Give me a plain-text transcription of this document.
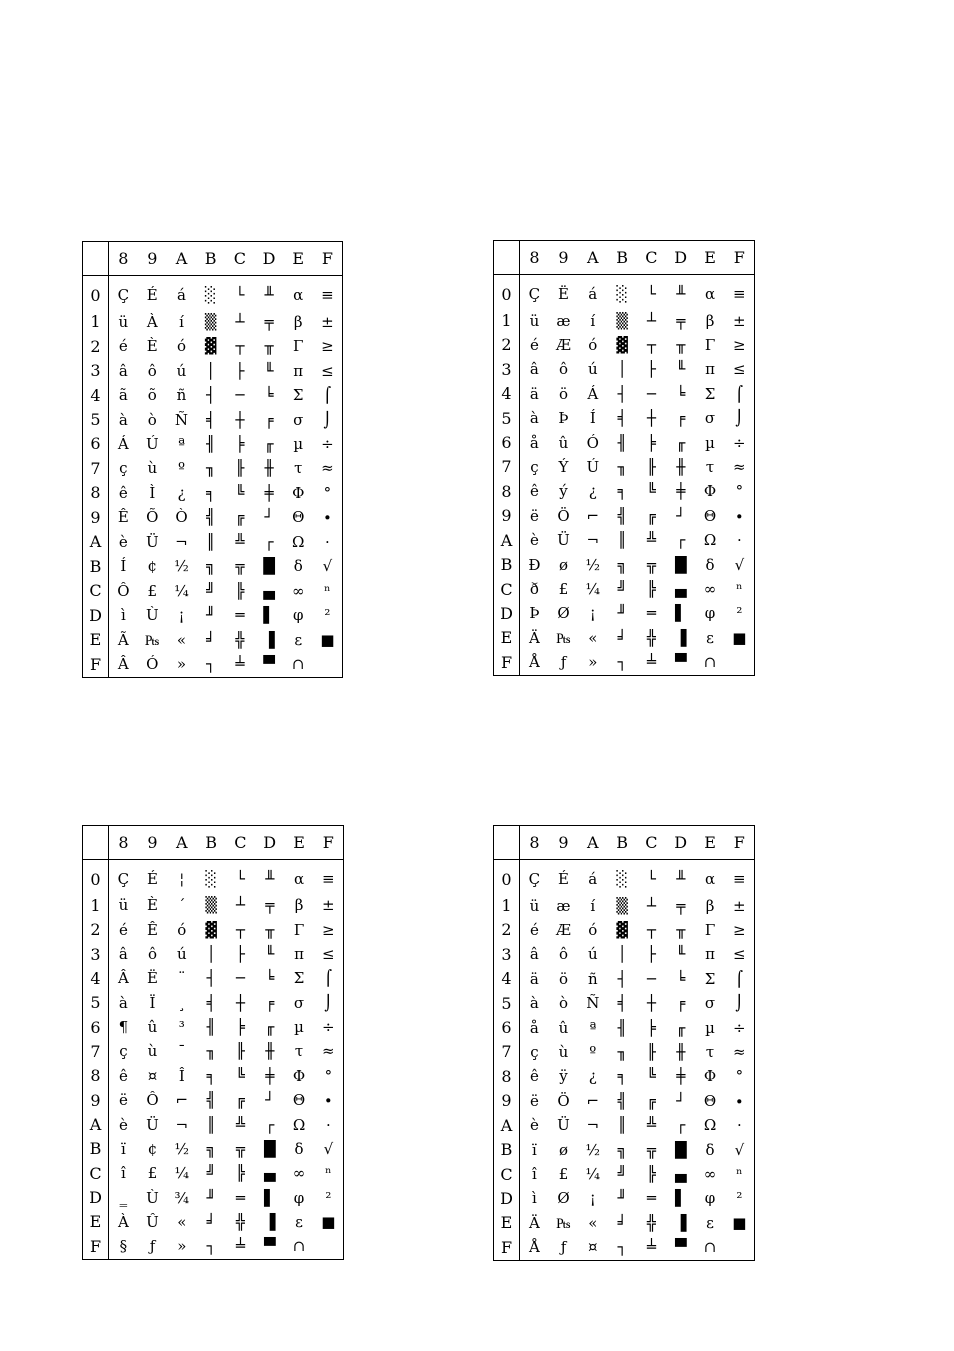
	8	9	A	B	C	D	E	F
0	Ç	É	á	░	└	╨	α	≡
1	ü	À	í	▒	┴	╤	β	±
2	é	È	ó	▓	┬	╥	Γ	≥
3	â	ô	ú	│	├	╙	π	≤
4	ã	õ	ñ	┤	─	╘	Σ	⌠
5	à	ò	Ñ	╡	┼	╒	σ	⌡
6	Á	Ú	ª	╢	╞	╓	µ	÷
7	ç	ù	º	╖	╟	╫	τ	≈
8	ê	Ì	¿	╕	╚	╪	Φ	°
9	Ê	Õ	Ò	╣	╔	┘	Θ	∙
A	è	Ü	¬	║	╩	┌	Ω	·
B	Í	¢	½	╗	╦	█	δ	√
C	Ô	£	¼	╝	╠	▄	∞	ⁿ
D	ì	Ù	¡	╜	═	▌	φ	²
E	Ã	₧	«	╛	╬	▐	ε	■
F	Â	Ó	»	┐	╧	▀	∩	
	8	9	A	B	C	D	E	F
0	Ç	Ë	á	░	└	╨	α	≡
1	ü	æ	í	▒	┴	╤	β	±
2	é	Æ	ó	▓	┬	╥	Γ	≥
3	â	ô	ú	│	├	╙	π	≤
4	ä	ö	Á	┤	─	╘	Σ	⌠
5	à	Þ	Í	╡	┼	╒	σ	⌡
6	å	û	Ó	╢	╞	╓	µ	÷
7	ç	Ý	Ú	╖	╟	╫	τ	≈
8	ê	ý	¿	╕	╚	╪	Φ	°
9	ë	Ö	⌐	╣	╔	┘	Θ	∙
A	è	Ü	¬	║	╩	┌	Ω	·
B	Ð	ø	½	╗	╦	█	δ	√
C	ð	£	¼	╝	╠	▄	∞	ⁿ
D	Þ	Ø	¡	╜	═	▌	φ	²
E	Ä	₧	«	╛	╬	▐	ε	■
F	Å	ƒ	»	┐	╧	▀	∩	
	8	9	A	B	C	D	E	F
0	Ç	É	¦	░	└	╨	α	≡
1	ü	È	´	▒	┴	╤	β	±
2	é	Ê	ó	▓	┬	╥	Γ	≥
3	â	ô	ú	│	├	╙	π	≤
4	Â	Ë	¨	┤	─	╘	Σ	⌠
5	à	Ï	¸	╡	┼	╒	σ	⌡
6	¶	û	³	╢	╞	╓	µ	÷
7	ç	ù	¯	╖	╟	╫	τ	≈
8	ê	¤	Î	╕	╚	╪	Φ	°
9	ë	Ô	⌐	╣	╔	┘	Θ	∙
A	è	Ü	¬	║	╩	┌	Ω	·
B	ï	¢	½	╗	╦	█	δ	√
C	î	£	¼	╝	╠	▄	∞	ⁿ
D	‗	Ù	¾	╜	═	▌	φ	²
E	À	Û	«	╛	╬	▐	ε	■
F	§	ƒ	»	┐	╧	▀	∩	
	8	9	A	B	C	D	E	F
0	Ç	É	á	░	└	╨	α	≡
1	ü	æ	í	▒	┴	╤	β	±
2	é	Æ	ó	▓	┬	╥	Γ	≥
3	â	ô	ú	│	├	╙	π	≤
4	ä	ö	ñ	┤	─	╘	Σ	⌠
5	à	ò	Ñ	╡	┼	╒	σ	⌡
6	å	û	ª	╢	╞	╓	µ	÷
7	ç	ù	º	╖	╟	╫	τ	≈
8	ê	ÿ	¿	╕	╚	╪	Φ	°
9	ë	Ö	⌐	╣	╔	┘	Θ	∙
A	è	Ü	¬	║	╩	┌	Ω	·
B	ï	ø	½	╗	╦	█	δ	√
C	î	£	¼	╝	╠	▄	∞	ⁿ
D	ì	Ø	¡	╜	═	▌	φ	²
E	Ä	₧	«	╛	╬	▐	ε	■
F	Å	ƒ	¤	┐	╧	▀	∩	
